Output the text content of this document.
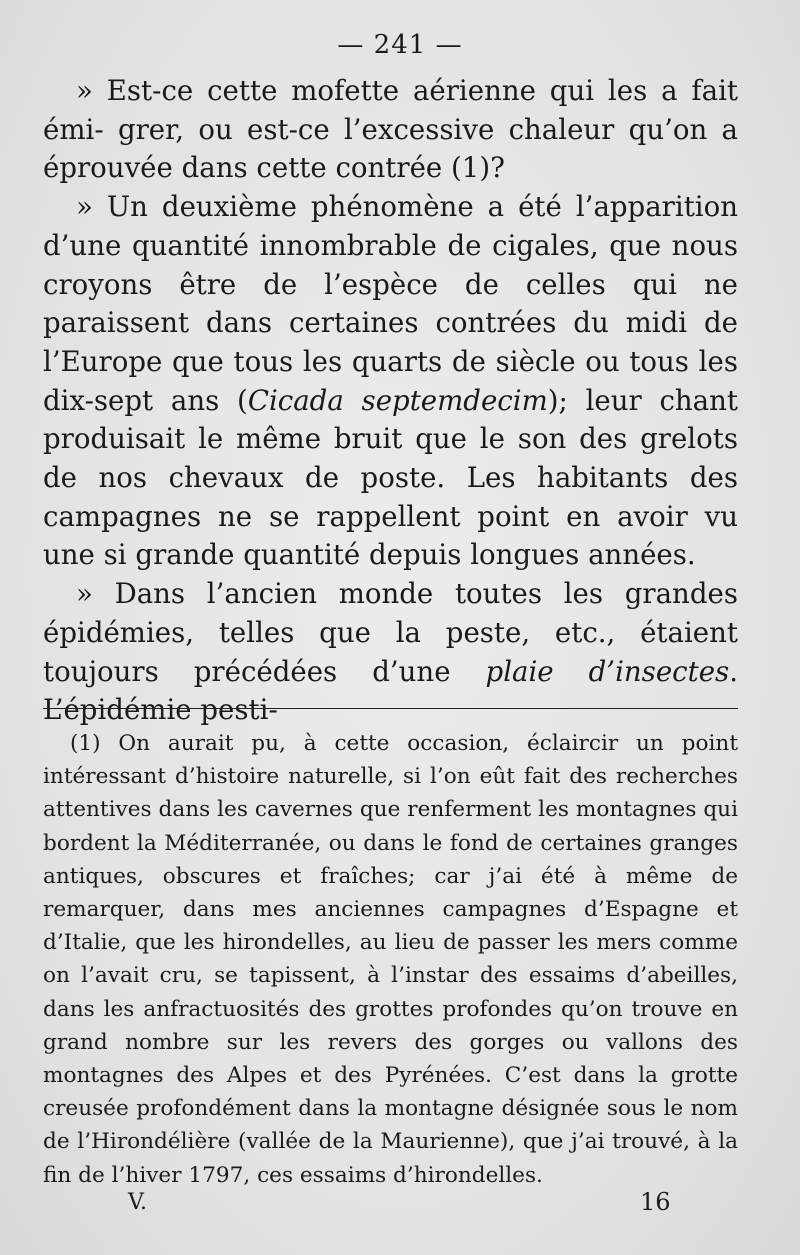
— 241 —

» Est-ce cette mofette aérienne qui les a fait émi- grer, ou est-ce l’excessive chaleur qu’on a éprouvée dans cette contrée (1)?

» Un deuxième phénomène a été l’apparition d’une quantité innombrable de cigales, que nous croyons être de l’espèce de celles qui ne paraissent dans certaines contrées du midi de l’Europe que tous les quarts de siècle ou tous les dix-sept ans (Cicada septemdecim); leur chant produisait le même bruit que le son des grelots de nos chevaux de poste. Les habitants des campagnes ne se rappellent point en avoir vu une si grande quantité depuis longues années.

» Dans l’ancien monde toutes les grandes épidémies, telles que la peste, etc., étaient toujours précédées d’une plaie d’insectes. L’épidémie pesti-

(1) On aurait pu, à cette occasion, éclaircir un point intéressant d’histoire naturelle, si l’on eût fait des recherches attentives dans les cavernes que renferment les montagnes qui bordent la Méditerranée, ou dans le fond de certaines granges antiques, obscures et fraîches; car j’ai été à même de remarquer, dans mes anciennes campagnes d’Espagne et d’Italie, que les hirondelles, au lieu de passer les mers comme on l’avait cru, se tapissent, à l’instar des essaims d’abeilles, dans les anfractuosités des grottes profondes qu’on trouve en grand nombre sur les revers des gorges ou vallons des montagnes des Alpes et des Pyrénées. C’est dans la grotte creusée profondément dans la montagne désignée sous le nom de l’Hirondélière (vallée de la Maurienne), que j’ai trouvé, à la fin de l’hiver 1797, ces essaims d’hirondelles.

V.	16
